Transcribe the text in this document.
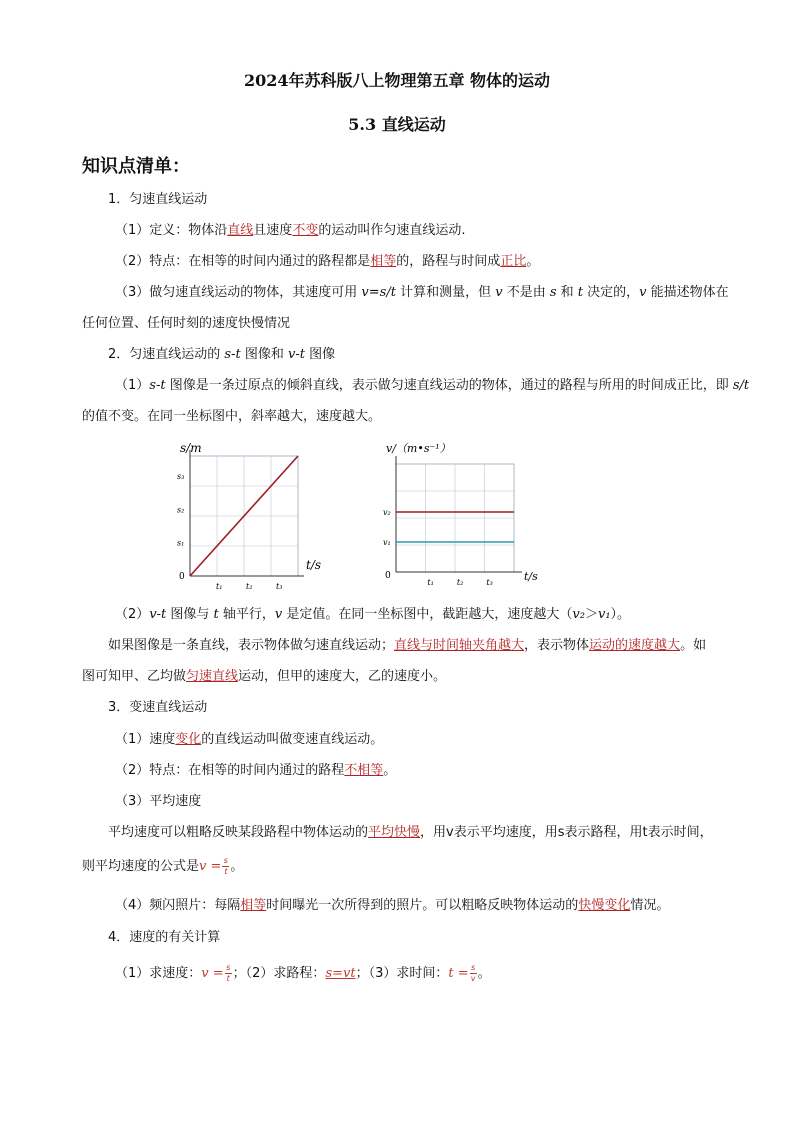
2024年苏科版八上物理第五章 物体的运动
5.3 直线运动
知识点清单：
1．匀速直线运动
（1）定义：物体沿直线且速度不变的运动叫作匀速直线运动.
（2）特点：在相等的时间内通过的路程都是相等的，路程与时间成正比。
（3）做匀速直线运动的物体，其速度可用 v=s/t 计算和测量，但 v 不是由 s 和 t 决定的，v 能描述物体在
任何位置、任何时刻的速度快慢情况
2．匀速直线运动的 s-t 图像和 v-t 图像
（1）s-t 图像是一条过原点的倾斜直线，表示做匀速直线运动的物体，通过的路程与所用的时间成正比，即 s/t
的值不变。在同一坐标图中，斜率越大，速度越大。
s/m
t/s
0
t₁	t₂	t₃
s₁
s₂
s₃
v/（m•s⁻¹）
t/s
0
t₁	t₂	t₃
v₁
v₂
（2）v-t 图像与 t 轴平行，v 是定值。在同一坐标图中，截距越大，速度越大（v₂＞v₁）。
如果图像是一条直线，表示物体做匀速直线运动；直线与时间轴夹角越大，表示物体运动的速度越大。如
图可知甲、乙均做匀速直线运动，但甲的速度大，乙的速度小。
3．变速直线运动
（1）速度变化的直线运动叫做变速直线运动。
（2）特点：在相等的时间内通过的路程不相等。
（3）平均速度
平均速度可以粗略反映某段路程中物体运动的平均快慢，用v表示平均速度，用s表示路程，用t表示时间，
则平均速度的公式是$v = \frac{s}{t}$ 。
（4）频闪照片：每隔相等时间曝光一次所得到的照片。可以粗略反映物体运动的快慢变化情况。
4．速度的有关计算
（1）求速度：$v = \frac{s}{t}$ ；（2）求路程：s=vt；（3）求时间：$t = \frac{s}{v}$ 。
